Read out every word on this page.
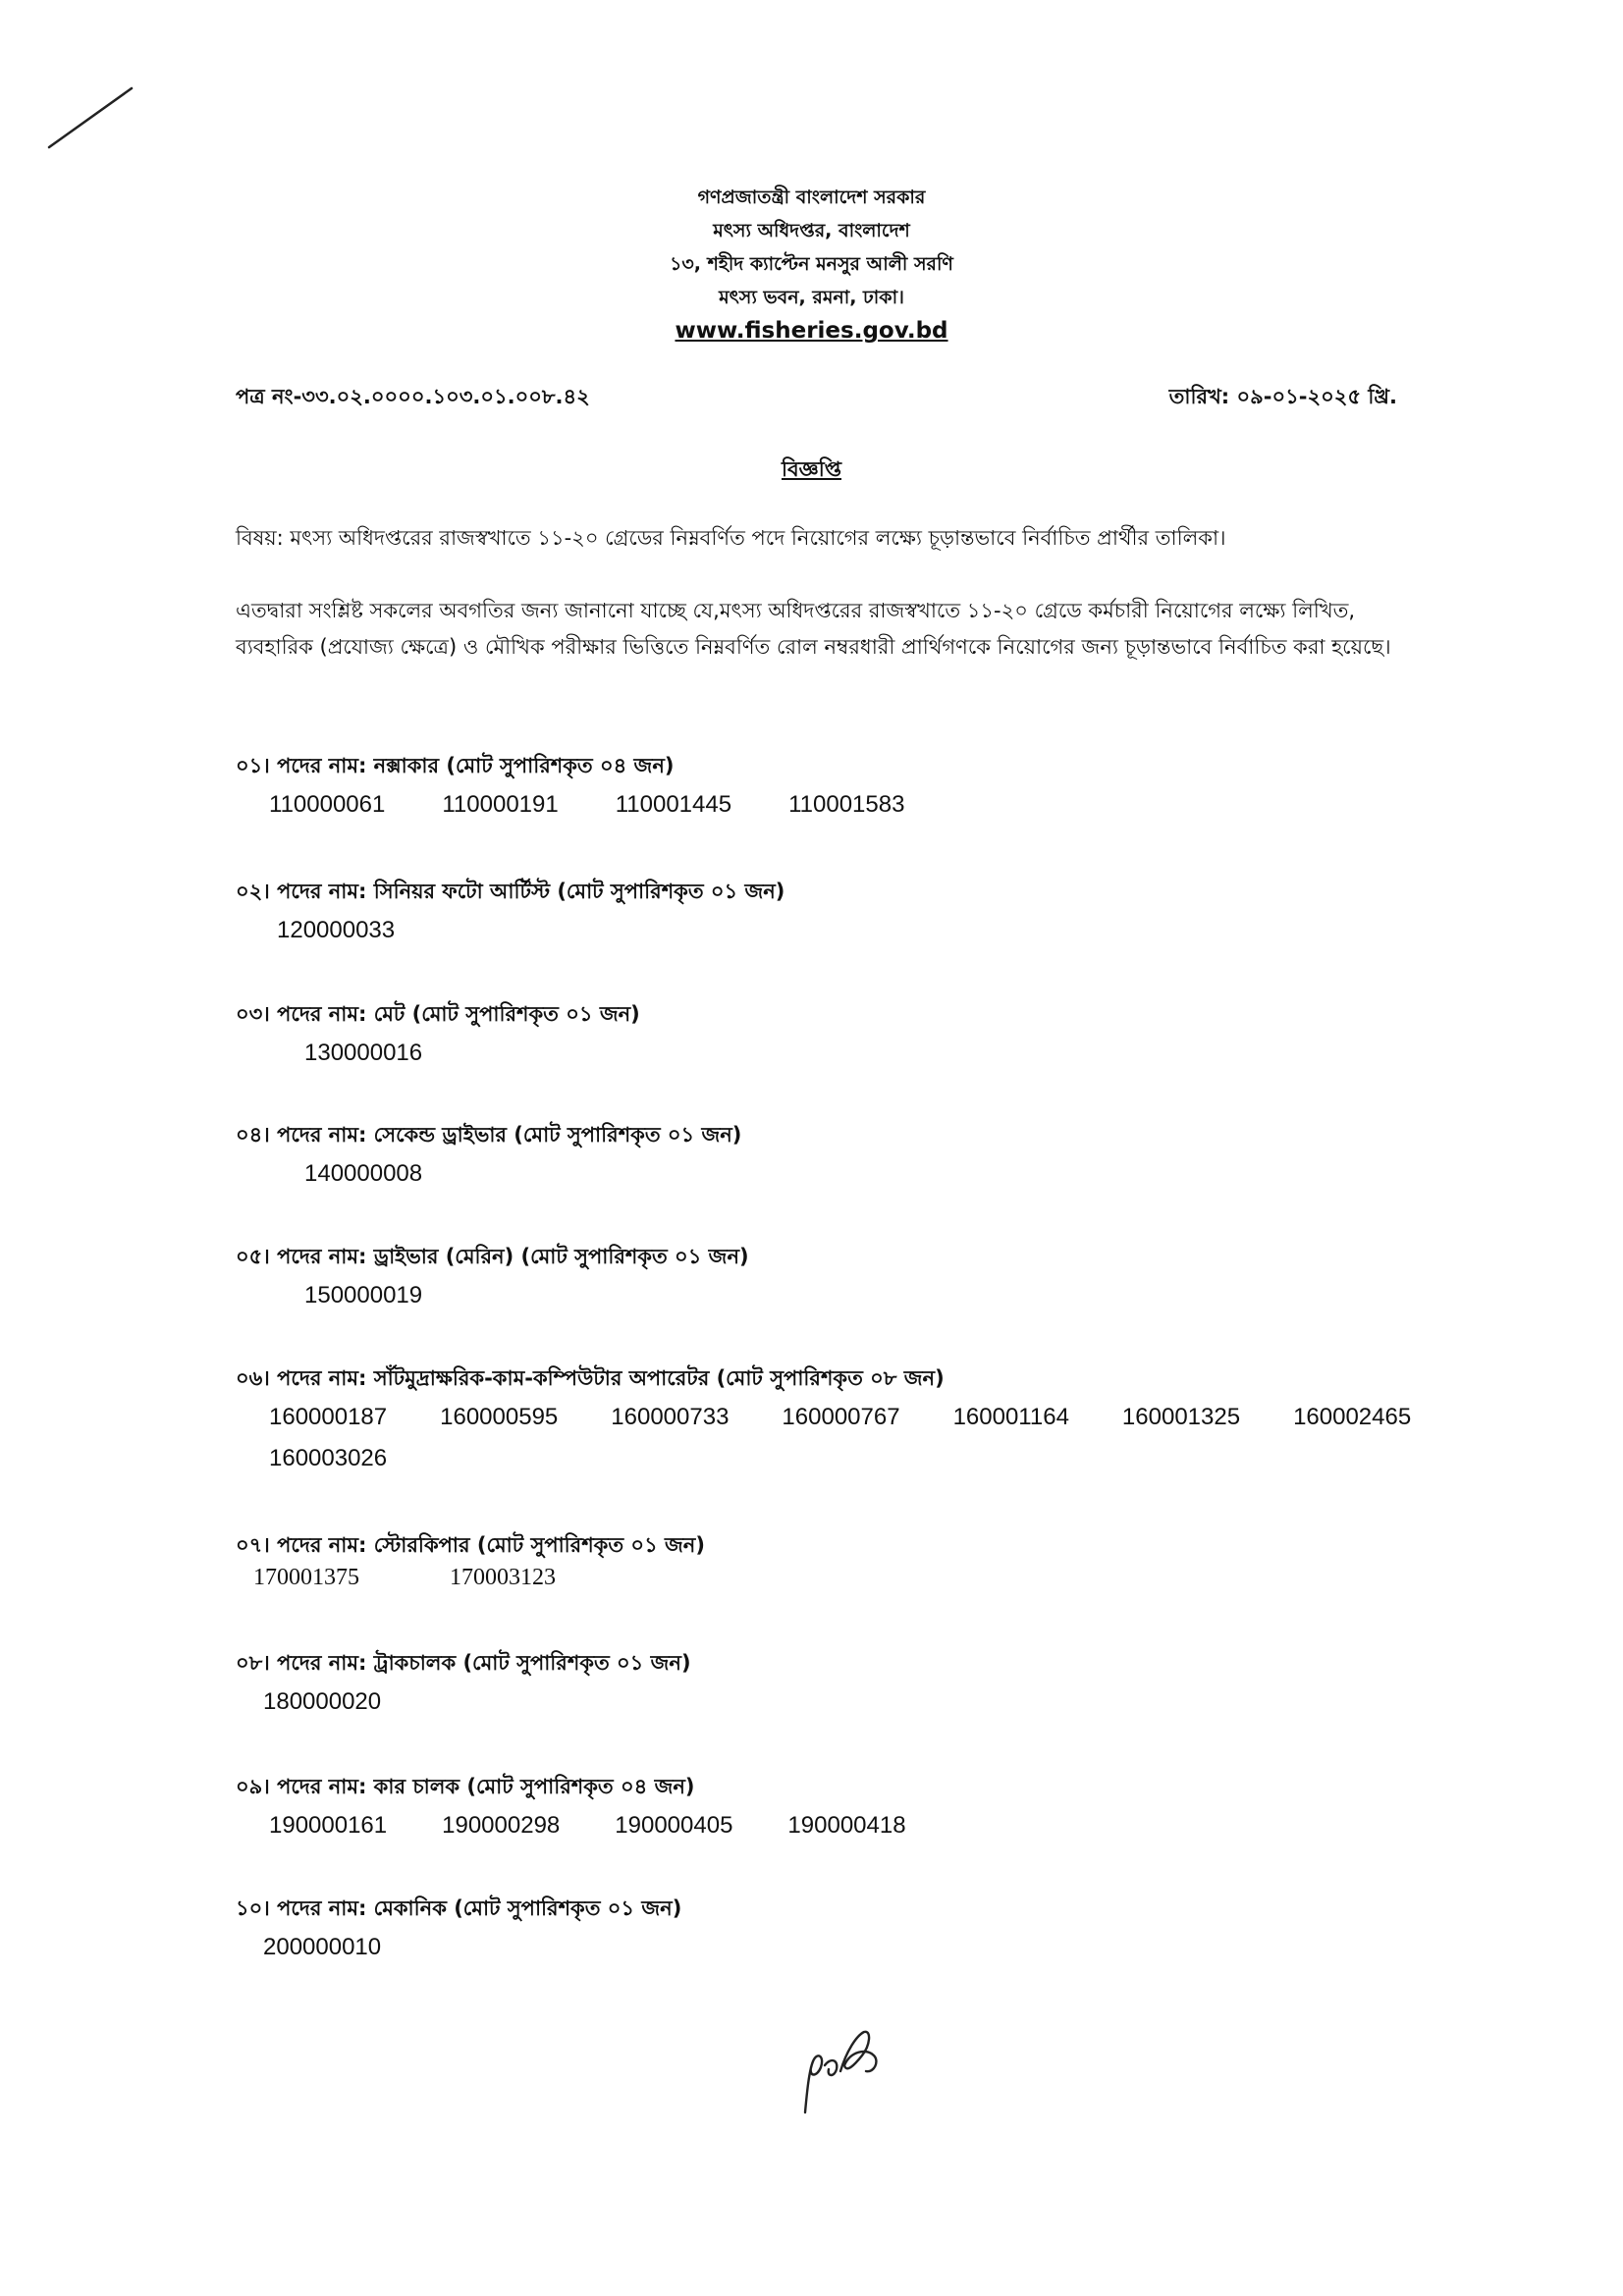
গণপ্রজাতন্ত্রী বাংলাদেশ সরকার
মৎস্য অধিদপ্তর, বাংলাদেশ
১৩, শহীদ ক্যাপ্টেন মনসুর আলী সরণি
মৎস্য ভবন, রমনা, ঢাকা।
www.fisheries.gov.bd
পত্র নং-৩৩.০২.০০০০.১০৩.০১.০০৮.৪২	তারিখ: ০৯-০১-২০২৫ খ্রি.
বিজ্ঞপ্তি
বিষয়: মৎস্য অধিদপ্তরের রাজস্বখাতে ১১-২০ গ্রেডের নিম্নবর্ণিত পদে নিয়োগের লক্ষ্যে চূড়ান্তভাবে নির্বাচিত প্রার্থীর তালিকা।
এতদ্বারা সংশ্লিষ্ট সকলের অবগতির জন্য জানানো যাচ্ছে যে,মৎস্য অধিদপ্তরের রাজস্বখাতে ১১-২০ গ্রেডে কর্মচারী নিয়োগের লক্ষ্যে লিখিত, ব্যবহারিক (প্রযোজ্য ক্ষেত্রে) ও মৌখিক পরীক্ষার ভিত্তিতে নিম্নবর্ণিত রোল নম্বরধারী প্রার্থিগণকে নিয়োগের জন্য চূড়ান্তভাবে নির্বাচিত করা হয়েছে।
০১। পদের নাম: নক্সাকার (মোট সুপারিশকৃত ০৪ জন)
110000061 110000191 110001445 110001583
০২। পদের নাম: সিনিয়র ফটো আর্টিস্ট (মোট সুপারিশকৃত ০১ জন)
120000033
০৩। পদের নাম: মেট (মোট সুপারিশকৃত ০১ জন)
130000016
০৪। পদের নাম: সেকেন্ড ড্রাইভার (মোট সুপারিশকৃত ০১ জন)
140000008
০৫। পদের নাম: ড্রাইভার (মেরিন) (মোট সুপারিশকৃত ০১ জন)
150000019
০৬। পদের নাম: সাঁটমুদ্রাক্ষরিক-কাম-কম্পিউটার অপারেটর (মোট সুপারিশকৃত ০৮ জন)
160000187 160000595 160000733 160000767 160001164 160001325 160002465
160003026
০৭। পদের নাম: স্টোরকিপার (মোট সুপারিশকৃত ০১ জন)
170001375	170003123
০৮। পদের নাম: ট্রাকচালক (মোট সুপারিশকৃত ০১ জন)
180000020
০৯। পদের নাম: কার চালক (মোট সুপারিশকৃত ০৪ জন)
190000161 190000298 190000405 190000418
১০। পদের নাম: মেকানিক (মোট সুপারিশকৃত ০১ জন)
200000010
